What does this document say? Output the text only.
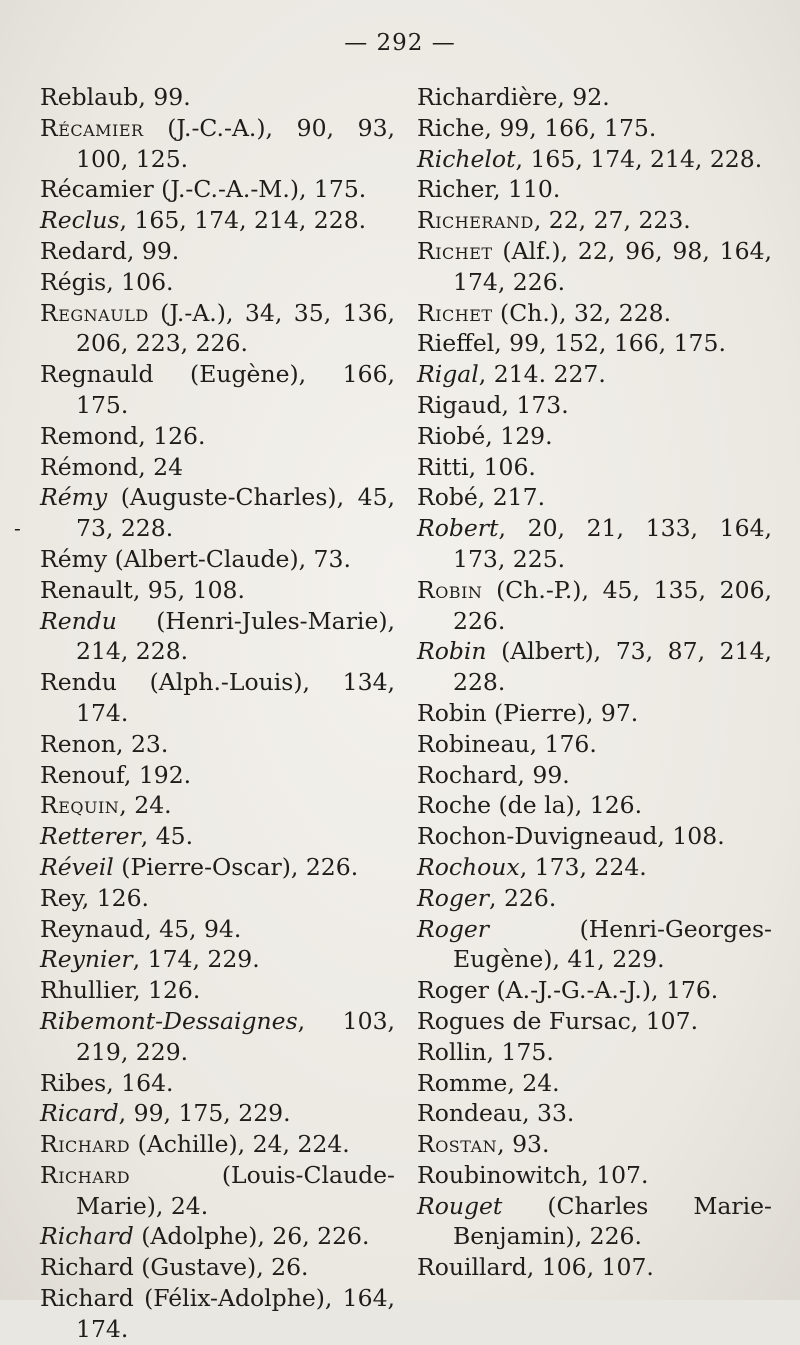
— 292 —
-

Reblaub, 99.

Récamier (J.-C.-A.), 90, 93, 100, 125.

Récamier (J.-C.-A.-M.), 175.

Reclus, 165, 174, 214, 228.

Redard, 99.

Régis, 106.

Regnauld (J.-A.), 34, 35, 136, 206, 223, 226.

Regnauld (Eugène), 166, 175.

Remond, 126.

Rémond, 24

Rémy (Auguste-Charles), 45, 73, 228.

Rémy (Albert-Claude), 73.

Renault, 95, 108.

Rendu (Henri-Jules-Marie), 214, 228.

Rendu (Alph.-Louis), 134, 174.

Renon, 23.

Renouf, 192.

Requin, 24.

Retterer, 45.

Réveil (Pierre-Oscar), 226.

Rey, 126.

Reynaud, 45, 94.

Reynier, 174, 229.

Rhullier, 126.

Ribemont-Dessaignes, 103, 219, 229.

Ribes, 164.

Ricard, 99, 175, 229.

Richard (Achille), 24, 224.

Richard (Louis-Claude-Marie), 24.

Richard (Adolphe), 26, 226.

Richard (Gustave), 26.

Richard (Félix-Adolphe), 164, 174.

Richardière, 92.

Riche, 99, 166, 175.

Richelot, 165, 174, 214, 228.

Richer, 110.

Richerand, 22, 27, 223.

Richet (Alf.), 22, 96, 98, 164, 174, 226.

Richet (Ch.), 32, 228.

Rieffel, 99, 152, 166, 175.

Rigal, 214. 227.

Rigaud, 173.

Riobé, 129.

Ritti, 106.

Robé, 217.

Robert, 20, 21, 133, 164, 173, 225.

Robin (Ch.-P.), 45, 135, 206, 226.

Robin (Albert), 73, 87, 214, 228.

Robin (Pierre), 97.

Robineau, 176.

Rochard, 99.

Roche (de la), 126.

Rochon-Duvigneaud, 108.

Rochoux, 173, 224.

Roger, 226.

Roger (Henri-Georges-Eugène), 41, 229.

Roger (A.-J.-G.-A.-J.), 176.

Rogues de Fursac, 107.

Rollin, 175.

Romme, 24.

Rondeau, 33.

Rostan, 93.

Roubinowitch, 107.

Rouget (Charles Marie-Benjamin), 226.

Rouillard, 106, 107.
